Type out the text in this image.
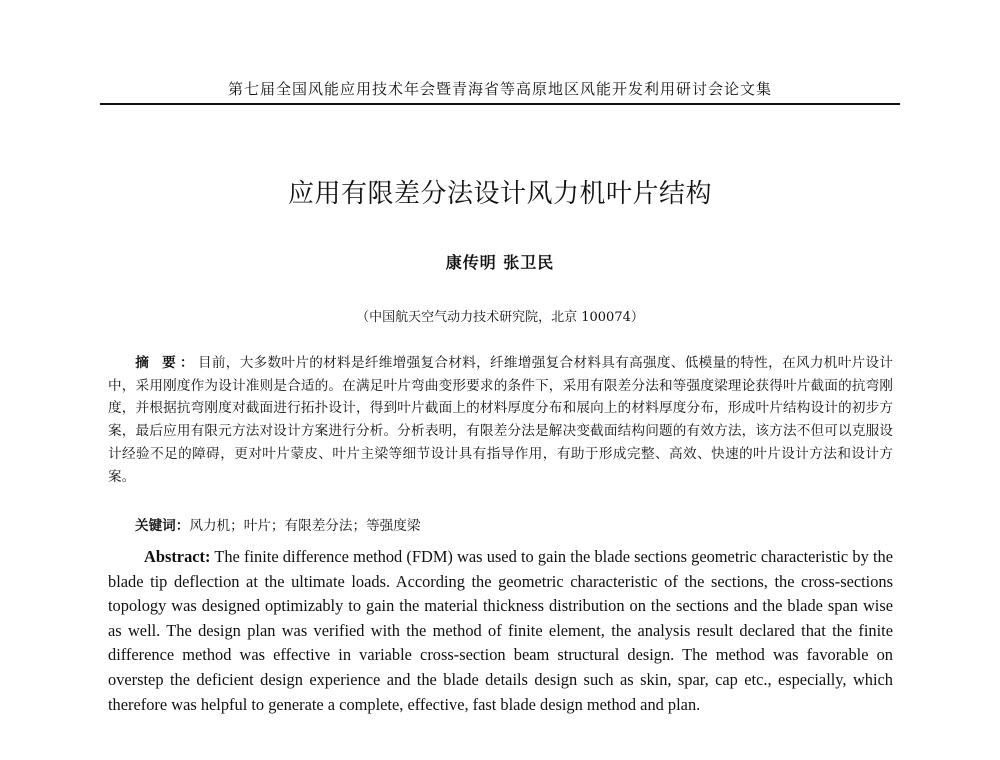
第七届全国风能应用技术年会暨青海省等高原地区风能开发利用研讨会论文集
应用有限差分法设计风力机叶片结构
康传明 张卫民
（中国航天空气动力技术研究院，北京 100074）
摘 要：目前，大多数叶片的材料是纤维增强复合材料，纤维增强复合材料具有高强度、低模量的特性，在风力机叶片设计中，采用刚度作为设计准则是合适的。在满足叶片弯曲变形要求的条件下，采用有限差分法和等强度梁理论获得叶片截面的抗弯刚度，并根据抗弯刚度对截面进行拓扑设计，得到叶片截面上的材料厚度分布和展向上的材料厚度分布，形成叶片结构设计的初步方案，最后应用有限元方法对设计方案进行分析。分析表明，有限差分法是解决变截面结构问题的有效方法，该方法不但可以克服设计经验不足的障碍，更对叶片蒙皮、叶片主梁等细节设计具有指导作用，有助于形成完整、高效、快速的叶片设计方法和设计方案。
关键词：风力机；叶片；有限差分法；等强度梁
Abstract: The finite difference method (FDM) was used to gain the blade sections geometric characteristic by the blade tip deflection at the ultimate loads. According the geometric characteristic of the sections, the cross-sections topology was designed optimizably to gain the material thickness distribution on the sections and the blade span wise as well. The design plan was verified with the method of finite element, the analysis result declared that the finite difference method was effective in variable cross-section beam structural design. The method was favorable on overstep the deficient design experience and the blade details design such as skin, spar, cap etc., especially, which therefore was helpful to generate a complete, effective, fast blade design method and plan.
